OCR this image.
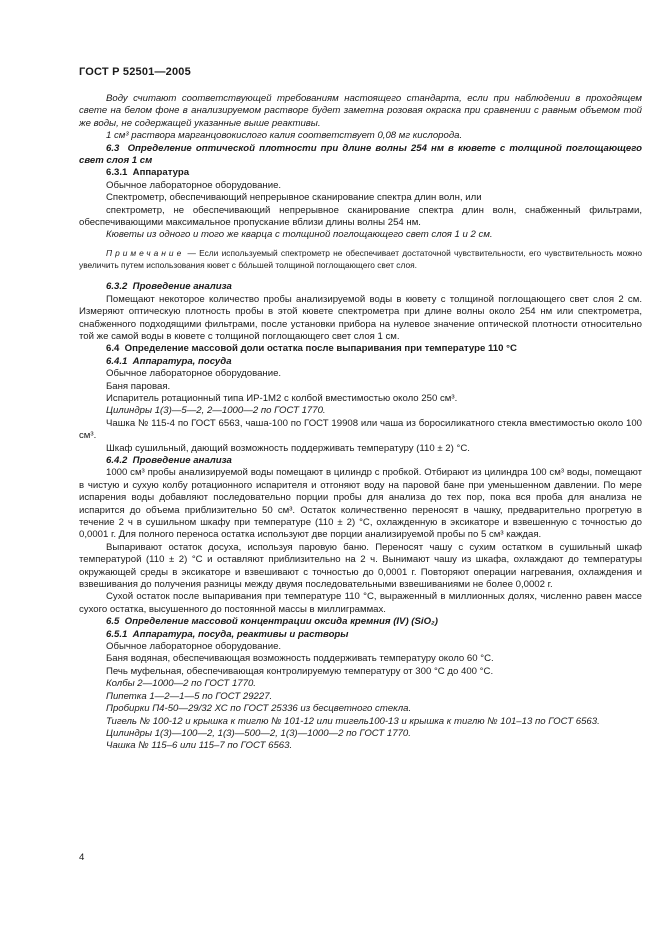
ГОСТ Р 52501—2005

Воду считают соответствующей требованиям настоящего стандарта, если при наблюдении в проходящем свете на белом фоне в анализируемом растворе будет заметна розовая окраска при сравнении с равным объемом той же воды, не содержащей указанные выше реактивы.

1 см³ раствора марганцовокислого калия соответствует 0,08 мг кислорода.

6.3  Определение оптической плотности при длине волны 254 нм в кювете с толщиной поглощающего свет слоя 1 см

6.3.1  Аппаратура

Обычное лабораторное оборудование.

Спектрометр, обеспечивающий непрерывное сканирование спектра длин волн, или

спектрометр, не обеспечивающий непрерывное сканирование спектра длин волн, снабженный фильтрами, обеспечивающими максимальное пропускание вблизи длины волны 254 нм.

Кюветы из одного и того же кварца с толщиной поглощающего свет слоя 1 и 2 см.

Примечание — Если используемый спектрометр не обеспечивает достаточной чувствительности, его чувствительность можно увеличить путем использования кювет с бо́льшей толщиной поглощающего свет слоя.

6.3.2  Проведение анализа

Помещают некоторое количество пробы анализируемой воды в кювету с толщиной поглощающего свет слоя 2 см. Измеряют оптическую плотность пробы в этой кювете спектрометра при длине волны около 254 нм или спектрометра, снабженного подходящими фильтрами, после установки прибора на нулевое значение оптической плотности относительно той же самой воды в кювете с толщиной поглощающего свет слоя 1 см.

6.4  Определение массовой доли остатка после выпаривания при температуре 110 °С

6.4.1  Аппаратура, посуда

Обычное лабораторное оборудование.

Баня паровая.

Испаритель ротационный типа ИР-1М2 с колбой вместимостью около 250 см³.

Цилиндры 1(3)—5—2, 2—1000—2 по ГОСТ 1770.

Чашка № 115-4 по ГОСТ 6563, чаша-100 по ГОСТ 19908 или чаша из боросиликатного стекла вместимостью около 100 см³.

Шкаф сушильный, дающий возможность поддерживать температуру (110 ± 2) °С.

6.4.2  Проведение анализа

1000 см³ пробы анализируемой воды помещают в цилиндр с пробкой. Отбирают из цилиндра 100 см³ воды, помещают в чистую и сухую колбу ротационного испарителя и отгоняют воду на паровой бане при уменьшенном давлении. По мере испарения воды добавляют последовательно порции пробы для анализа до тех пор, пока вся проба для анализа не испарится до объема приблизительно 50 см³. Остаток количественно переносят в чашку, предварительно прогретую в течение 2 ч в сушильном шкафу при температуре (110 ± 2) °С, охлажденную в эксикаторе и взвешенную с точностью до 0,0001 г. Для полного переноса остатка используют две порции анализируемой пробы по 5 см³ каждая.

Выпаривают остаток досуха, используя паровую баню. Переносят чашу с сухим остатком в сушильный шкаф температурой (110 ± 2) °С и оставляют приблизительно на 2 ч. Вынимают чашу из шкафа, охлаждают до температуры окружающей среды в эксикаторе и взвешивают с точностью до 0,0001 г. Повторяют операции нагревания, охлаждения и взвешивания до получения разницы между двумя последовательными взвешиваниями не более 0,0002 г.

Сухой остаток после выпаривания при температуре 110 °С, выраженный в миллионных долях, численно равен массе сухого остатка, высушенного до постоянной массы в миллиграммах.

6.5  Определение массовой концентрации оксида кремния (IV) (SiO₂)

6.5.1  Аппаратура, посуда, реактивы и растворы

Обычное лабораторное оборудование.

Баня водяная, обеспечивающая возможность поддерживать температуру около 60 °С.

Печь муфельная, обеспечивающая контролируемую температуру от 300 °С до 400 °С.

Колбы 2—1000—2 по ГОСТ 1770.

Пипетка 1—2—1—5 по ГОСТ 29227.

Пробирки П4-50—29/32 ХС по ГОСТ 25336 из бесцветного стекла.

Тигель № 100-12 и крышка к тиглю № 101-12 или тигель100-13 и крышка к тиглю № 101–13 по ГОСТ 6563.

Цилиндры 1(3)—100—2, 1(3)—500—2, 1(3)—1000—2 по ГОСТ 1770.

Чашка № 115–6 или 115–7 по ГОСТ 6563.

4
